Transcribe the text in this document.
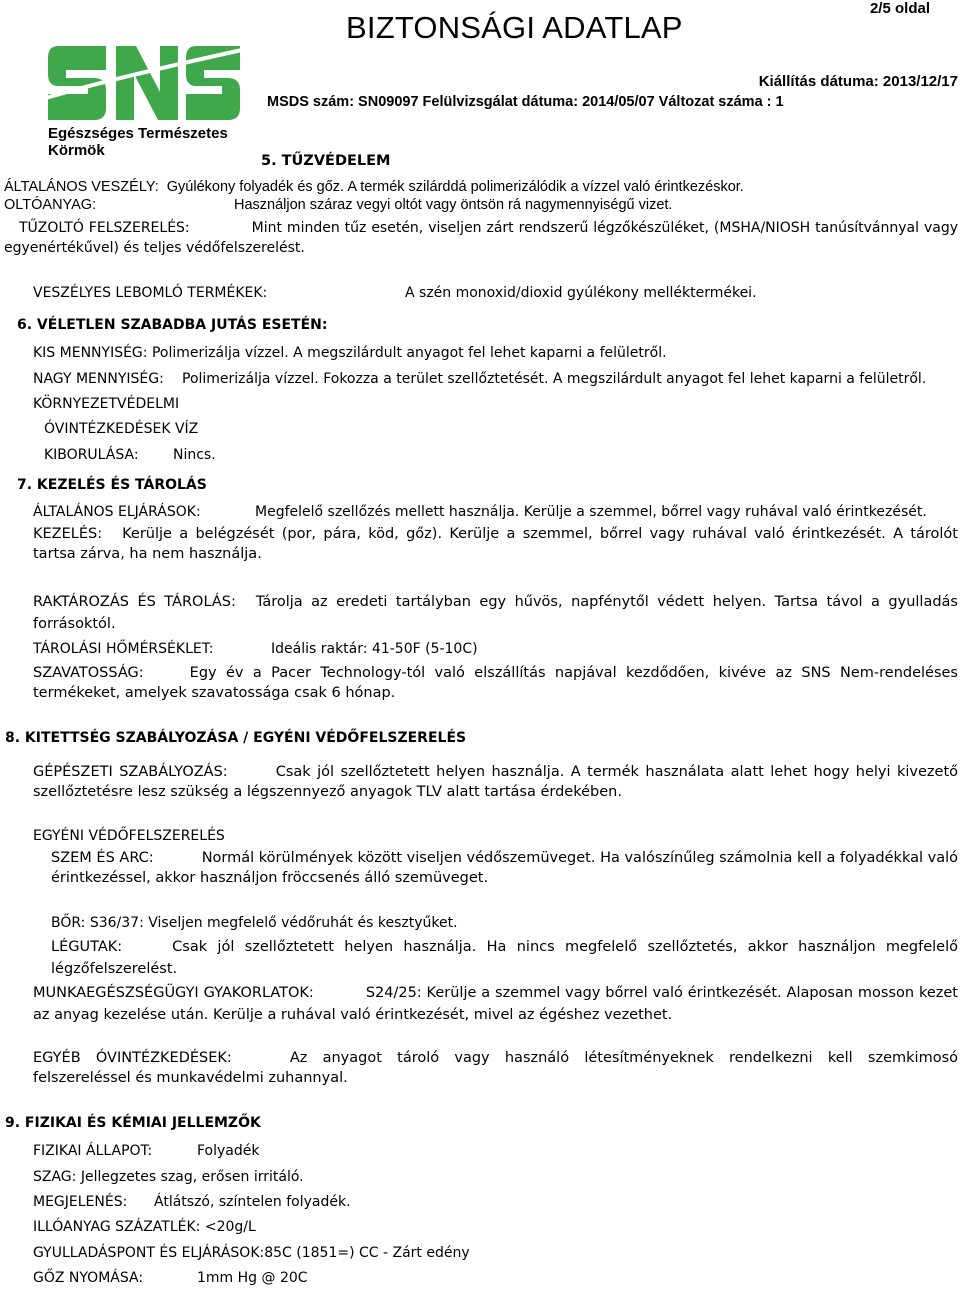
Egészséges Természetes
Körmök
BIZTONSÁGI ADATLAP
2/5 oldal
Kiállítás dátuma: 2013/12/17
MSDS szám: SN09097 Felülvizsgálat dátuma: 2014/05/07 Változat száma : 1
5. TŰZVÉDELEM
ÁLTALÁNOS VESZÉLY: Gyúlékony folyadék és gőz. A termék szilárddá polimerizálódik a vízzel való érintkezéskor.
OLTÓANYAG:	Használjon száraz vegyi oltót vagy öntsön rá nagymennyiségű vizet.
TŰZOLTÓ FELSZERELÉS:	Mint minden tűz esetén, viseljen zárt rendszerű légzőkészüléket, (MSHA/NIOSH tanúsítvánnyal vagy egyenértékűvel) és teljes védőfelszerelést.
VESZÉLYES LEBOMLÓ TERMÉKEK:	A szén monoxid/dioxid gyúlékony melléktermékei.
6. VÉLETLEN SZABADBA JUTÁS ESETÉN:
KIS MENNYISÉG: Polimerizálja vízzel. A megszilárdult anyagot fel lehet kaparni a felületről.
NAGY MENNYISÉG: Polimerizálja vízzel. Fokozza a terület szellőztetését. A megszilárdult anyagot fel lehet kaparni a felületről.
KÖRNYEZETVÉDELMI
ÓVINTÉZKEDÉSEK VÍZ
KIBORULÁSA: Nincs.
7. KEZELÉS ÉS TÁROLÁS
ÁLTALÁNOS ELJÁRÁSOK:	Megfelelő szellőzés mellett használja. Kerülje a szemmel, bőrrel vagy ruhával való érintkezését.
KEZELÉS: Kerülje a belégzését (por, pára, köd, gőz). Kerülje a szemmel, bőrrel vagy ruhával való érintkezését. A tárolót tartsa zárva, ha nem használja.
RAKTÁROZÁS ÉS TÁROLÁS: Tárolja az eredeti tartályban egy hűvös, napfénytől védett helyen. Tartsa távol a gyulladás forrásoktól.
TÁROLÁSI HŐMÉRSÉKLET:	Ideális raktár: 41-50F (5-10C)
SZAVATOSSÁG:	Egy év a Pacer Technology-tól való elszállítás napjával kezdődően, kivéve az SNS Nem-rendeléses termékeket, amelyek szavatossága csak 6 hónap.
8. KITETTSÉG SZABÁLYOZÁSA / EGYÉNI VÉDŐFELSZERELÉS
GÉPÉSZETI SZABÁLYOZÁS:	Csak jól szellőztetett helyen használja. A termék használata alatt lehet hogy helyi kivezető szellőztetésre lesz szükség a légszennyező anyagok TLV alatt tartása érdekében.
EGYÉNI VÉDŐFELSZERELÉS
SZEM ÉS ARC:	Normál körülmények között viseljen védőszemüveget. Ha valószínűleg számolnia kell a folyadékkal való érintkezéssel, akkor használjon fröccsenés álló szemüveget.
BŐR: S36/37: Viseljen megfelelő védőruhát és kesztyűket.
LÉGUTAK:	Csak jól szellőztetett helyen használja. Ha nincs megfelelő szellőztetés, akkor használjon megfelelő légzőfelszerelést.
MUNKAEGÉSZSÉGÜGYI GYAKORLATOK:	S24/25: Kerülje a szemmel vagy bőrrel való érintkezését. Alaposan mosson kezet az anyag kezelése után. Kerülje a ruhával való érintkezését, mivel az égéshez vezethet.
EGYÉB ÓVINTÉZKEDÉSEK:	Az anyagot tároló vagy használó létesítményeknek rendelkezni kell szemkimosó felszereléssel és munkavédelmi zuhannyal.
9. FIZIKAI ÉS KÉMIAI JELLEMZŐK
FIZIKAI ÁLLAPOT:	Folyadék
SZAG: Jellegzetes szag, erősen irritáló.
MEGJELENÉS: Átlátszó, színtelen folyadék.
ILLÓANYAG SZÁZATLÉK: <20g/L
GYULLADÁSPONT ÉS ELJÁRÁSOK:85C (1851=) CC - Zárt edény
GŐZ NYOMÁSA:	1mm Hg @ 20C
